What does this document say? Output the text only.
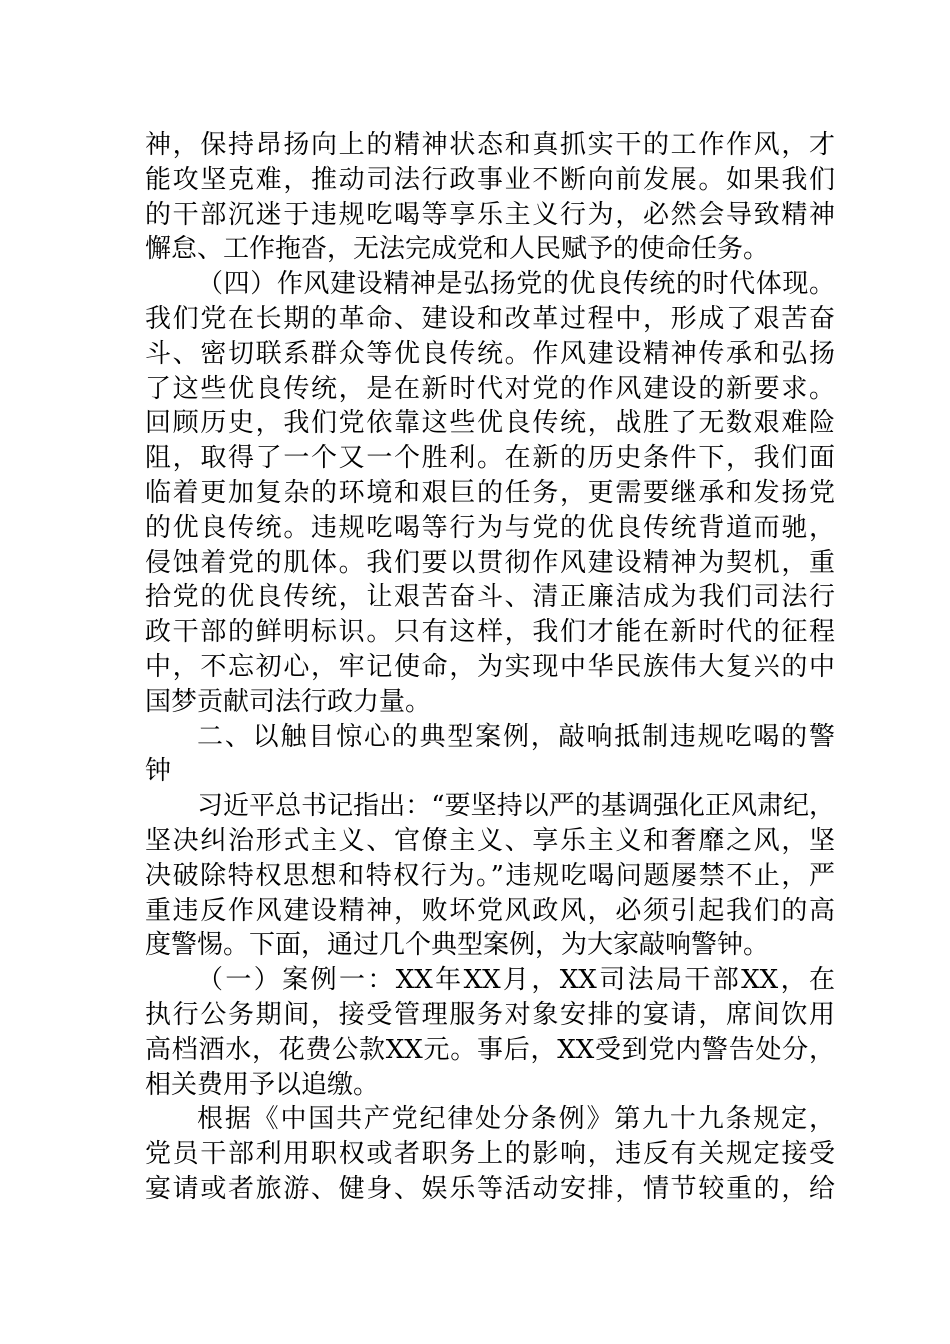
神，保持昂扬向上的精神状态和真抓实干的工作作风，才
能攻坚克难，推动司法行政事业不断向前发展。如果我们
的干部沉迷于违规吃喝等享乐主义行为，必然会导致精神
懈怠、工作拖沓，无法完成党和人民赋予的使命任务。
（四）作风建设精神是弘扬党的优良传统的时代体现。
我们党在长期的革命、建设和改革过程中，形成了艰苦奋
斗、密切联系群众等优良传统。作风建设精神传承和弘扬
了这些优良传统，是在新时代对党的作风建设的新要求。
回顾历史，我们党依靠这些优良传统，战胜了无数艰难险
阻，取得了一个又一个胜利。在新的历史条件下，我们面
临着更加复杂的环境和艰巨的任务，更需要继承和发扬党
的优良传统。违规吃喝等行为与党的优良传统背道而驰，
侵蚀着党的肌体。我们要以贯彻作风建设精神为契机，重
拾党的优良传统，让艰苦奋斗、清正廉洁成为我们司法行
政干部的鲜明标识。只有这样，我们才能在新时代的征程
中，不忘初心，牢记使命，为实现中华民族伟大复兴的中
国梦贡献司法行政力量。
二、以触目惊心的典型案例，敲响抵制违规吃喝的警
钟
习近平总书记指出：“要坚持以严的基调强化正风肃纪，
坚决纠治形式主义、官僚主义、享乐主义和奢靡之风，坚
决破除特权思想和特权行为。”违规吃喝问题屡禁不止，严
重违反作风建设精神，败坏党风政风，必须引起我们的高
度警惕。下面，通过几个典型案例，为大家敲响警钟。
（一）案例一：XX年XX月，XX司法局干部XX，在
执行公务期间，接受管理服务对象安排的宴请，席间饮用
高档酒水，花费公款XX元。事后，XX受到党内警告处分，
相关费用予以追缴。
根据《中国共产党纪律处分条例》第九十九条规定，
党员干部利用职权或者职务上的影响，违反有关规定接受
宴请或者旅游、健身、娱乐等活动安排，情节较重的，给
